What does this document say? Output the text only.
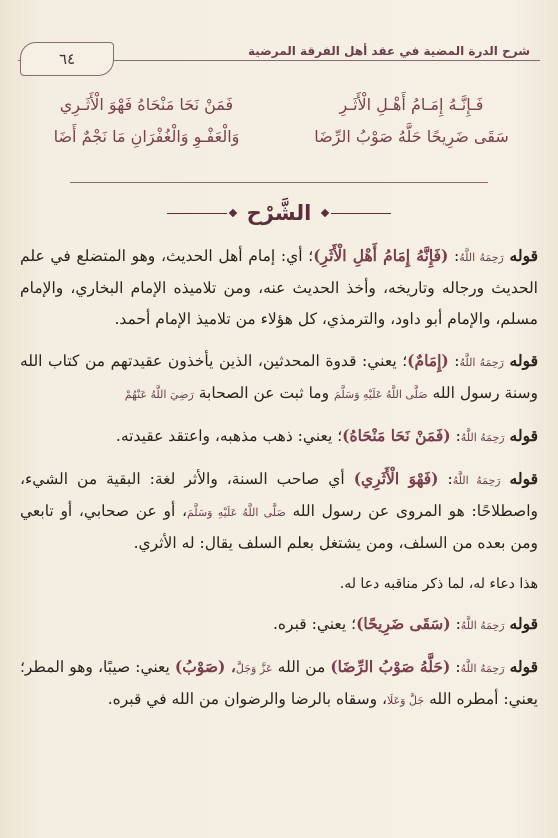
شرح الدرة المضية في عقد أهل الفرقة المرضية
٦٤
فَـإِنَّـهُ إِمَـامُ أَهْـلِ الْأَثَـرِ
فَمَنْ نَحَا مَنْحَاهُ فَهْوَ الْأَثَـرِي
سَقَى ضَرِيحًا حَلَّهُ صَوْبُ الرِّضَا
وَالْعَفْـوِ وَالْغُفْرَانِ مَا نَجْمٌ أَضَا
الشَّرْح

قوله رَحِمَهُ اللَّهُ: (فَإِنَّهُ إِمَامُ أَهْلِ الْأَثَرِ)؛ أي: إمام أهل الحديث، وهو المتضلع في علم الحديث ورجاله وتاريخه، وأخذ الحديث عنه، ومن تلاميذه الإمام البخاري، والإمام مسلم، والإمام أبو داود، والترمذي، كل هؤلاء من تلاميذ الإمام أحمد.

قوله رَحِمَهُ اللَّهُ: (إِمَامٌ)؛ يعني: قدوة المحدثين، الذين يأخذون عقيدتهم من كتاب الله وسنة رسول الله صَلَّى اللَّهُ عَلَيْهِ وَسَلَّمَ وما ثبت عن الصحابة رَضِيَ اللَّهُ عَنْهُمْ

قوله رَحِمَهُ اللَّهُ: (فَمَنْ نَحَا مَنْحَاهُ)؛ يعني: ذهب مذهبه، واعتقد عقيدته.

قوله رَحِمَهُ اللَّهُ: (فَهْوَ الْأَثَرِي) أي صاحب السنة، والأثر لغة: البقية من الشيء، واصطلاحًا: هو المروى عن رسول الله صَلَّى اللَّهُ عَلَيْهِ وَسَلَّمَ، أو عن صحابي، أو تابعي ومن بعده من السلف، ومن يشتغل بعلم السلف يقال: له الأثري.

هذا دعاء له، لما ذكر مناقبه دعا له.

قوله رَحِمَهُ اللَّهُ: (سَقَى ضَرِيحًا)؛ يعني: قبره.

قوله رَحِمَهُ اللَّهُ: (حَلَّهُ صَوْبُ الرِّضَا) من الله عَزَّ وَجَلَّ، (صَوْبُ) يعني: صيبًا، وهو المطر؛ يعني: أمطره الله جَلَّ وَعَلَا، وسقاه بالرضا والرضوان من الله في قبره.
